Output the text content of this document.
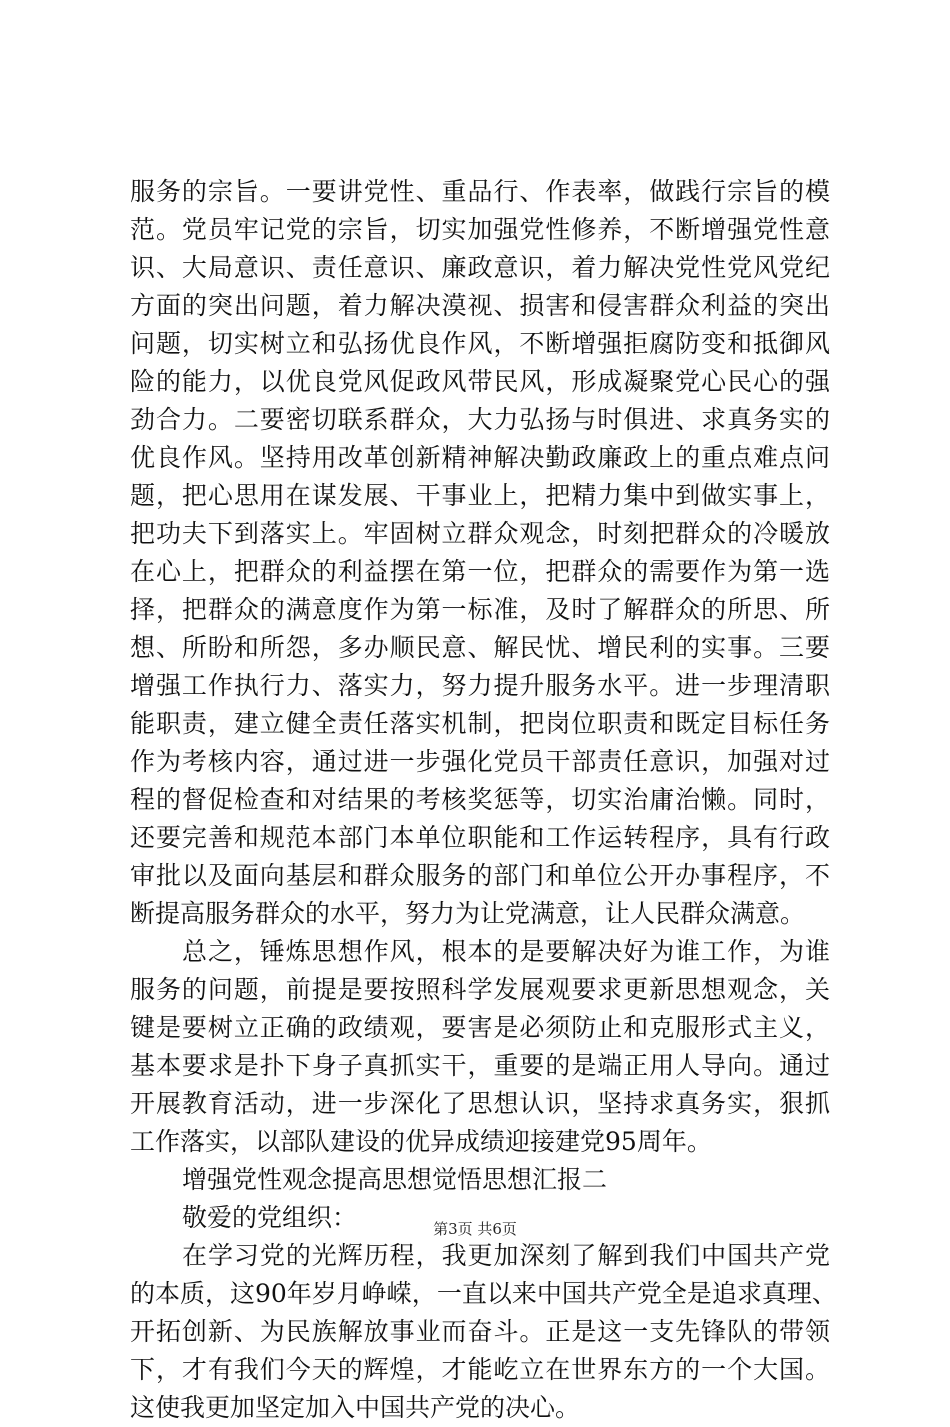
服务的宗旨。一要讲党性、重品行、作表率，做践行宗旨的模
范。党员牢记党的宗旨，切实加强党性修养，不断增强党性意
识、大局意识、责任意识、廉政意识，着力解决党性党风党纪
方面的突出问题，着力解决漠视、损害和侵害群众利益的突出
问题，切实树立和弘扬优良作风，不断增强拒腐防变和抵御风
险的能力，以优良党风促政风带民风，形成凝聚党心民心的强
劲合力。二要密切联系群众，大力弘扬与时俱进、求真务实的
优良作风。坚持用改革创新精神解决勤政廉政上的重点难点问
题，把心思用在谋发展、干事业上，把精力集中到做实事上，
把功夫下到落实上。牢固树立群众观念，时刻把群众的冷暖放
在心上，把群众的利益摆在第一位，把群众的需要作为第一选
择，把群众的满意度作为第一标准，及时了解群众的所思、所
想、所盼和所怨，多办顺民意、解民忧、增民利的实事。三要
增强工作执行力、落实力，努力提升服务水平。进一步理清职
能职责，建立健全责任落实机制，把岗位职责和既定目标任务
作为考核内容，通过进一步强化党员干部责任意识，加强对过
程的督促检查和对结果的考核奖惩等，切实治庸治懒。同时，
还要完善和规范本部门本单位职能和工作运转程序，具有行政
审批以及面向基层和群众服务的部门和单位公开办事程序，不
断提高服务群众的水平，努力为让党满意，让人民群众满意。
总之，锤炼思想作风，根本的是要解决好为谁工作，为谁
服务的问题，前提是要按照科学发展观要求更新思想观念，关
键是要树立正确的政绩观，要害是必须防止和克服形式主义，
基本要求是扑下身子真抓实干，重要的是端正用人导向。通过
开展教育活动，进一步深化了思想认识，坚持求真务实，狠抓
工作落实，以部队建设的优异成绩迎接建党95周年。
增强党性观念提高思想觉悟思想汇报二
敬爱的党组织：
在学习党的光辉历程，我更加深刻了解到我们中国共产党
的本质，这90年岁月峥嵘，一直以来中国共产党全是追求真理、
开拓创新、为民族解放事业而奋斗。正是这一支先锋队的带领
下，才有我们今天的辉煌，才能屹立在世界东方的一个大国。
这使我更加坚定加入中国共产党的决心。
第3页 共6页
